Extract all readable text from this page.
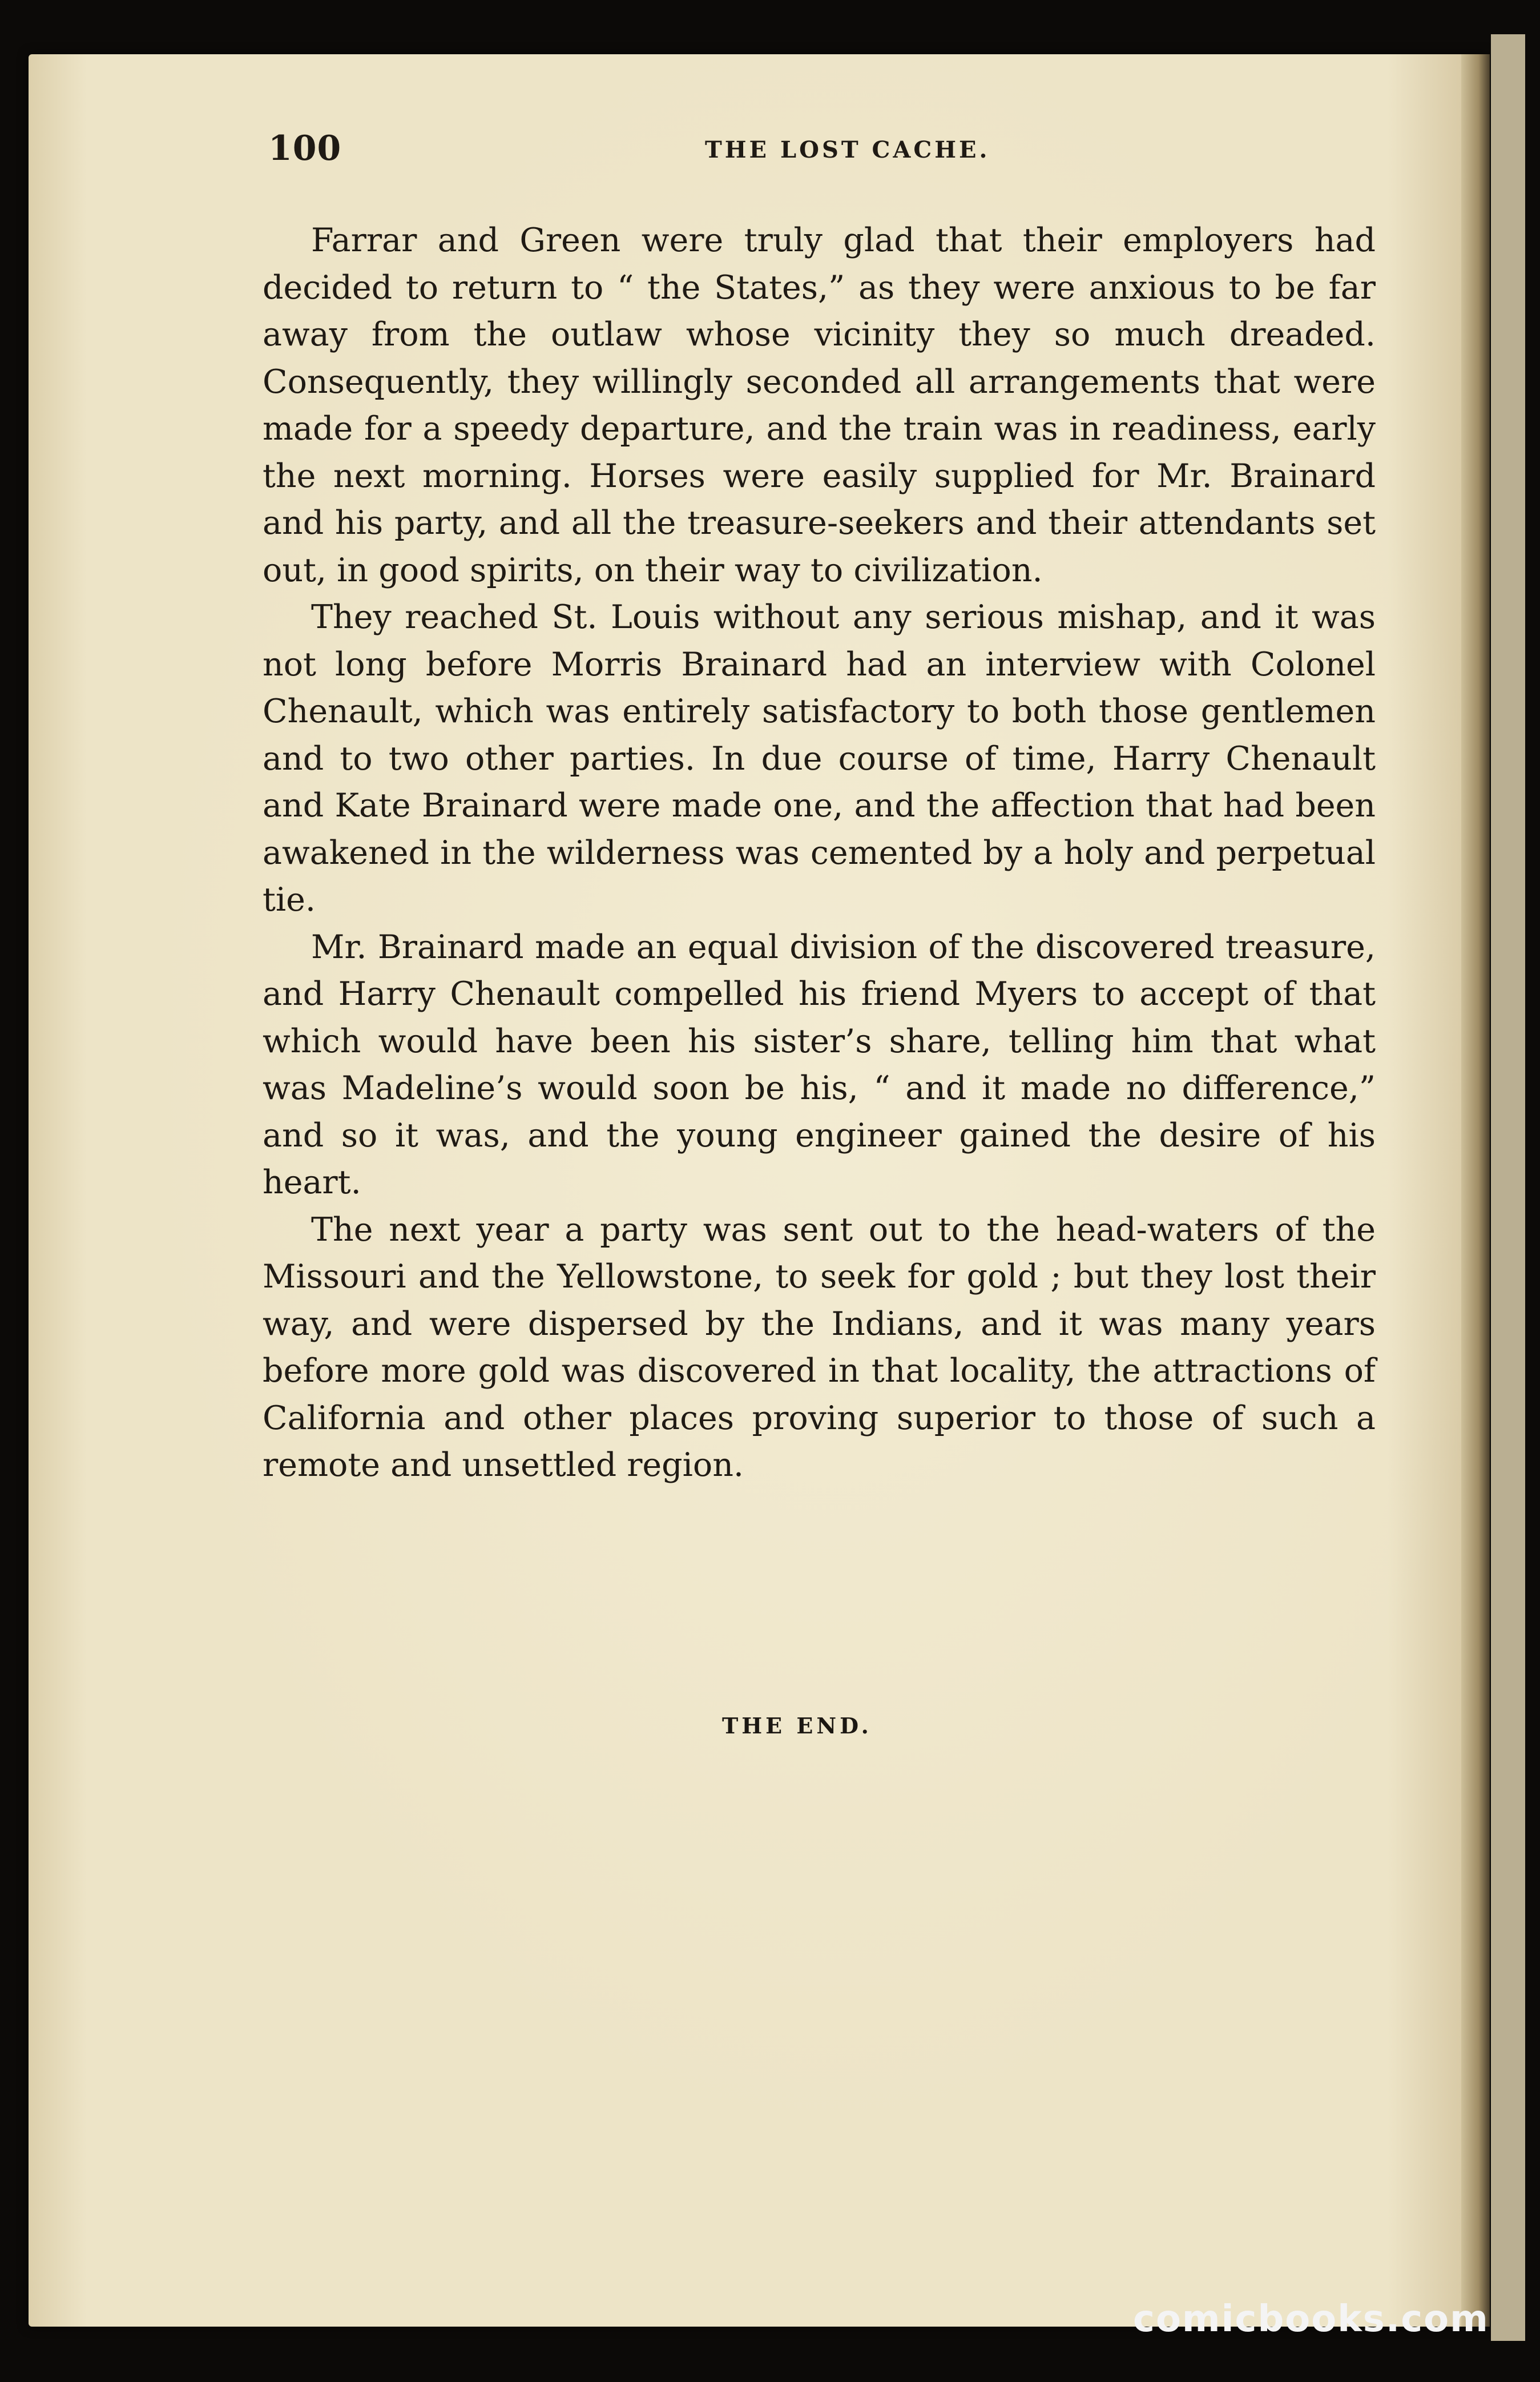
100	THE LOST CACHE.

Farrar and Green were truly glad that their employers had decided to return to “ the States,” as they were anxious to be far away from the outlaw whose vicinity they so much dreaded. Consequently, they willingly seconded all arrangements that were made for a speedy departure, and the train was in readiness, early the next morning. Horses were easily supplied for Mr. Brainard and his party, and all the treasure-seekers and their attendants set out, in good spirits, on their way to civilization.

They reached St. Louis without any serious mishap, and it was not long before Morris Brainard had an interview with Colonel Chenault, which was entirely satisfactory to both those gentlemen and to two other parties. In due course of time, Harry Chenault and Kate Brainard were made one, and the affection that had been awakened in the wilderness was cemented by a holy and perpetual tie.

Mr. Brainard made an equal division of the discovered treasure, and Harry Chenault compelled his friend Myers to accept of that which would have been his sister’s share, telling him that what was Madeline’s would soon be his, “ and it made no difference,” and so it was, and the young engineer gained the desire of his heart.

The next year a party was sent out to the head-waters of the Missouri and the Yellowstone, to seek for gold ; but they lost their way, and were dispersed by the Indians, and it was many years before more gold was discovered in that locality, the attractions of California and other places proving superior to those of such a remote and unsettled region.

THE END.
comicbooks.com
